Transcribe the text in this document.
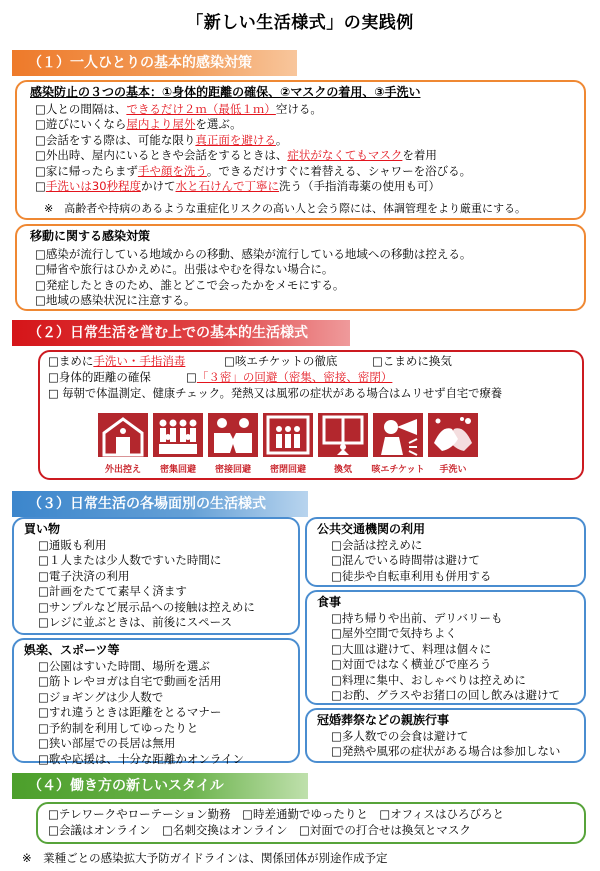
「新しい生活様式」の実践例
（１）一人ひとりの基本的感染対策
感染防止の３つの基本：①身体的距離の確保、②マスクの着用、③手洗い
□人との間隔は、できるだけ２ｍ（最低１ｍ）空ける。
□遊びにいくなら屋内より屋外を選ぶ。
□会話をする際は、可能な限り真正面を避ける。
□外出時、屋内にいるときや会話をするときは、症状がなくてもマスクを着用
□家に帰ったらまず手や顔を洗う。できるだけすぐに着替える、シャワーを浴びる。
□手洗いは30秒程度かけて水と石けんで丁寧に洗う（手指消毒薬の使用も可）
※　高齢者や持病のあるような重症化リスクの高い人と会う際には、体調管理をより厳重にする。
移動に関する感染対策
□感染が流行している地域からの移動、感染が流行している地域への移動は控える。
□帰省や旅行はひかえめに。出張はやむを得ない場合に。
□発症したときのため、誰とどこで会ったかをメモにする。
□地域の感染状況に注意する。
（２）日常生活を営む上での基本的生活様式
□まめに手洗い・手指消毒	□咳エチケットの徹底	□こまめに換気
□身体的距離の確保	□「３密」の回避（密集、密接、密閉）
□ 毎朝で体温測定、健康チェック。発熱又は風邪の症状がある場合はムリせず自宅で療養
外出控え	密集回避	密接回避	密閉回避	換気	咳エチケット	手洗い
（３）日常生活の各場面別の生活様式
買い物
□通販も利用
□１人または少人数ですいた時間に
□電子決済の利用
□計画をたてて素早く済ます
□サンプルなど展示品への接触は控えめに
□レジに並ぶときは、前後にスペース
娯楽、スポーツ等
□公園はすいた時間、場所を選ぶ
□筋トレやヨガは自宅で動画を活用
□ジョギングは少人数で
□すれ違うときは距離をとるマナー
□予約制を利用してゆったりと
□狭い部屋での長居は無用
□歌や応援は、十分な距離かオンライン
公共交通機関の利用
□会話は控えめに
□混んでいる時間帯は避けて
□徒歩や自転車利用も併用する
食事
□持ち帰りや出前、デリバリーも
□屋外空間で気持ちよく
□大皿は避けて、料理は個々に
□対面ではなく横並びで座ろう
□料理に集中、おしゃべりは控えめに
□お酌、グラスやお猪口の回し飲みは避けて
冠婚葬祭などの親族行事
□多人数での会食は避けて
□発熱や風邪の症状がある場合は参加しない
（４）働き方の新しいスタイル
□テレワークやローテーション勤務　□時差通勤でゆったりと　□オフィスはひろびろと
□会議はオンライン　□名刺交換はオンライン　□対面での打合せは換気とマスク
※　業種ごとの感染拡大予防ガイドラインは、関係団体が別途作成予定
